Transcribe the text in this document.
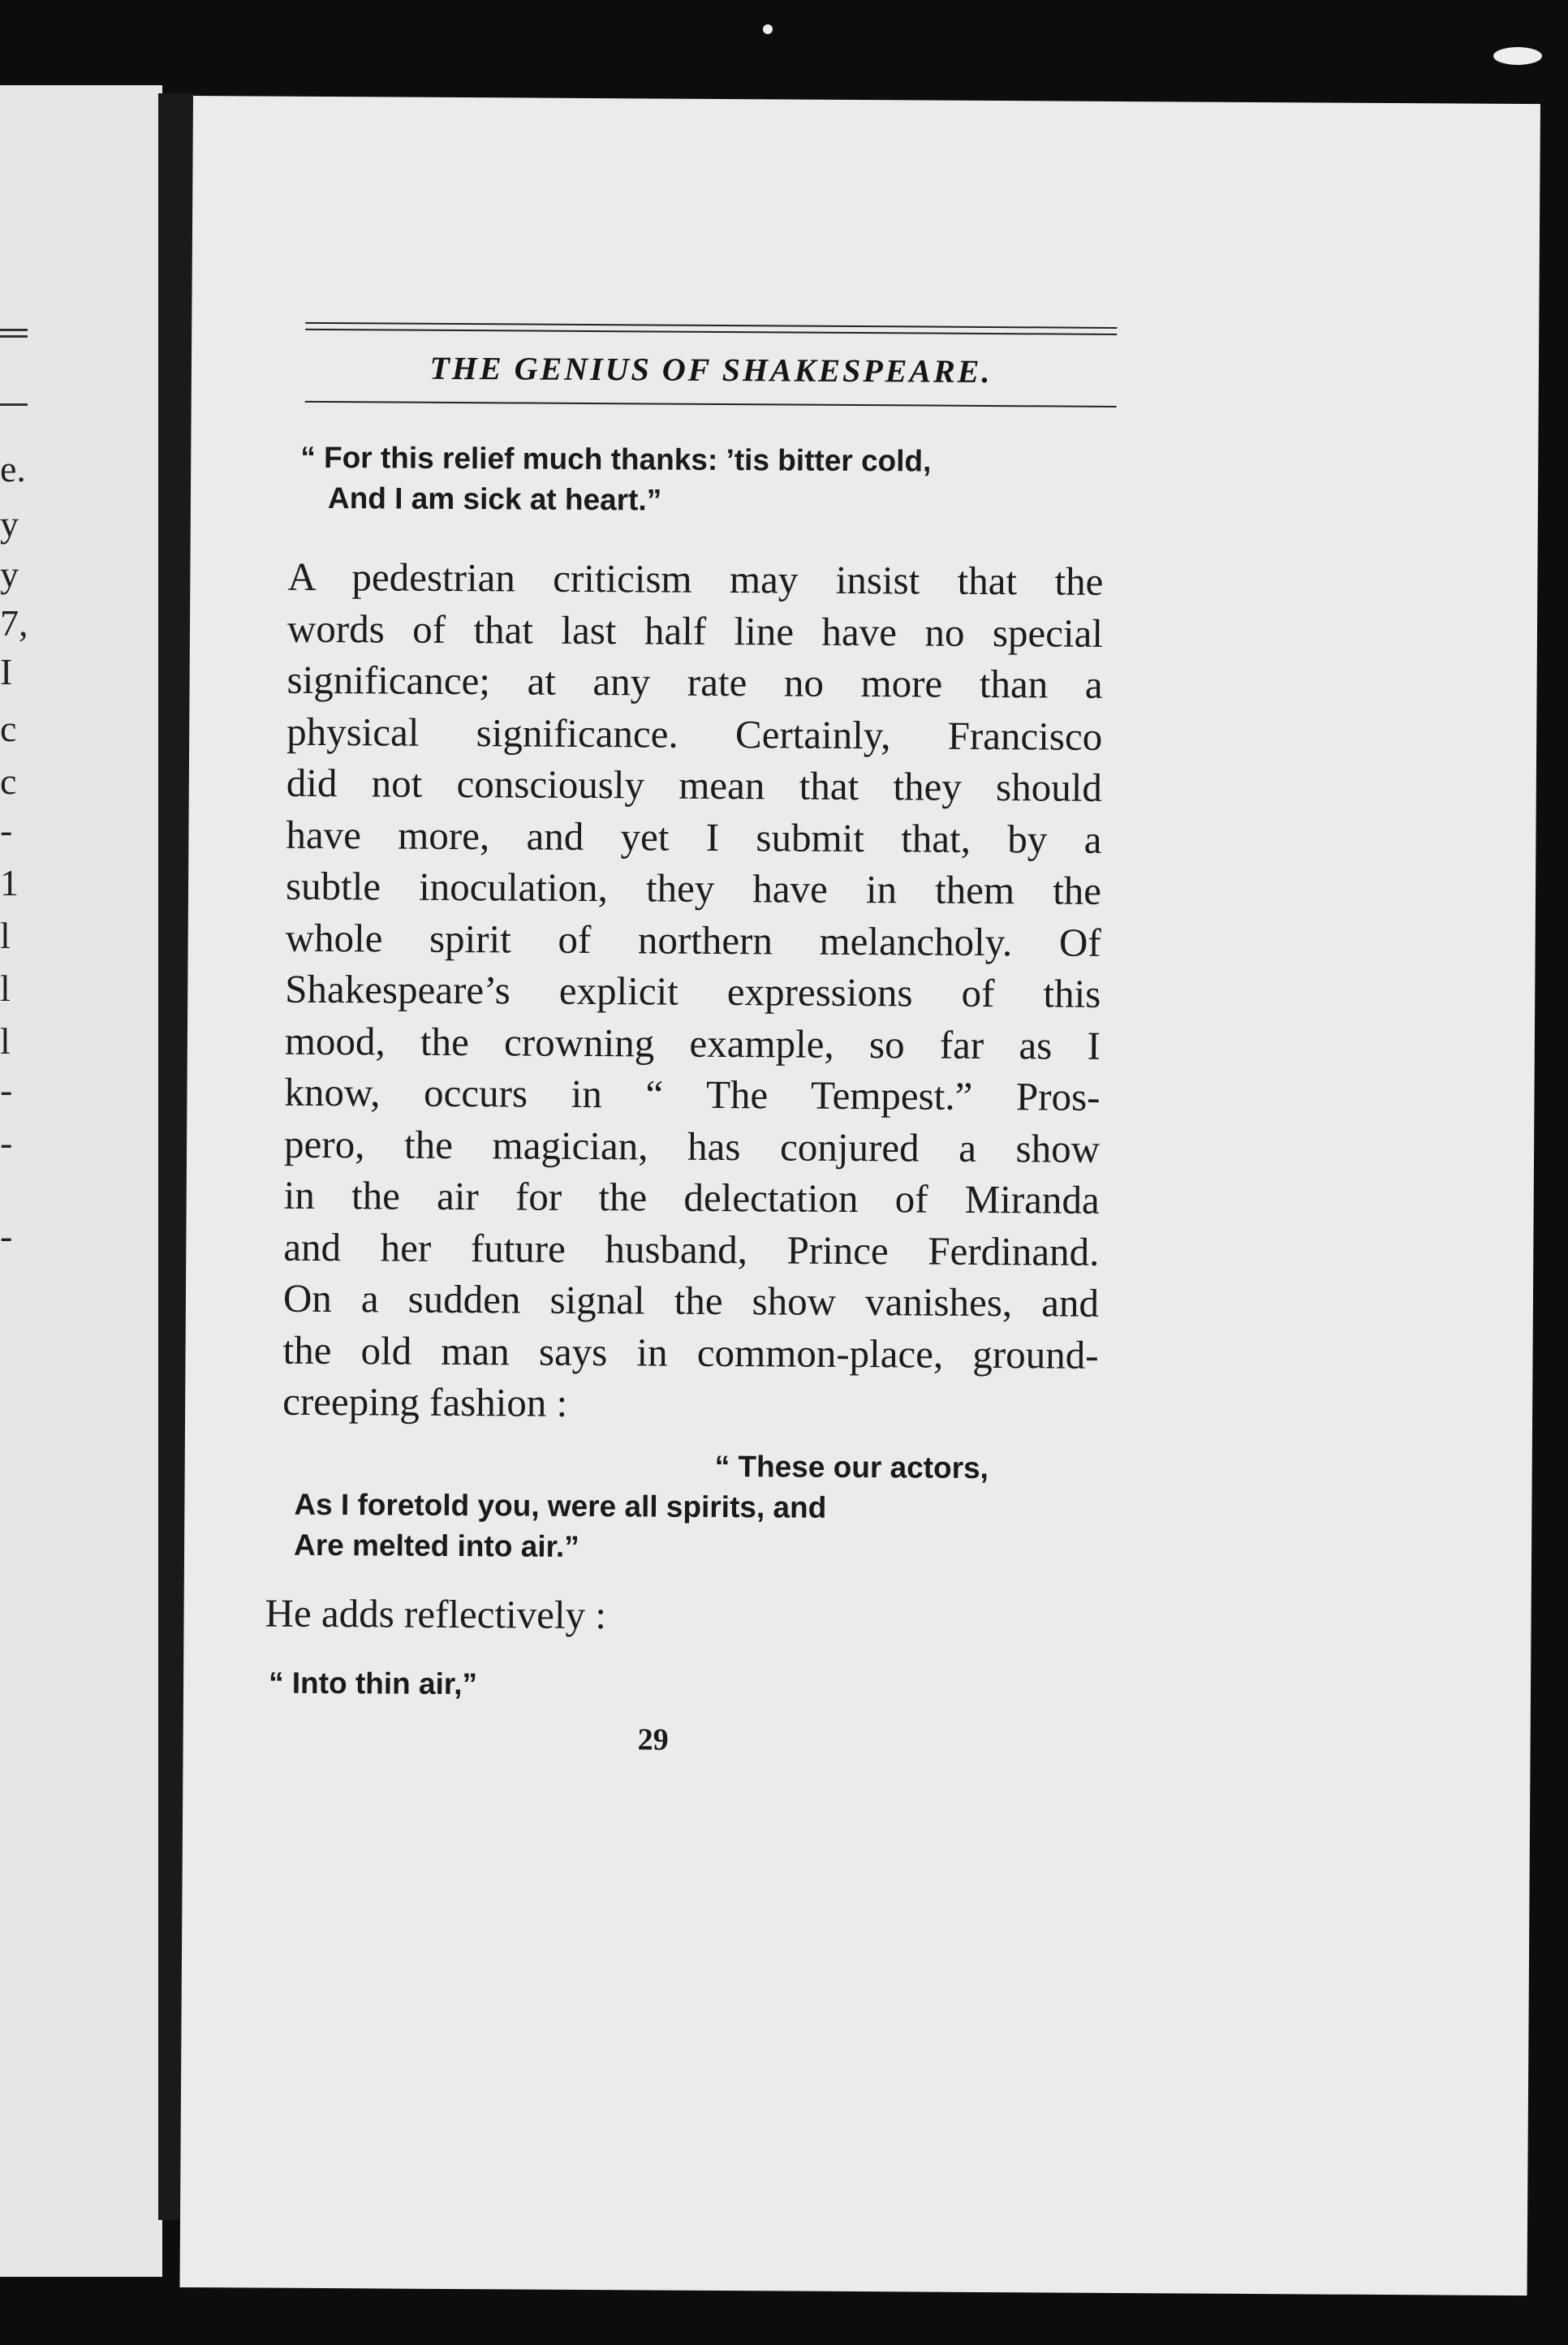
e.
y
y
7,
I
c
c
-
1
l
l
l
-
-
-
THE GENIUS OF SHAKESPEARE.
“ For this relief much thanks: ’tis bitter cold,
And I am sick at heart.”
A pedestrian criticism may insist that the
words of that last half line have no special
significance; at any rate no more than a
physical significance. Certainly, Francisco
did not consciously mean that they should
have more, and yet I submit that, by a
subtle inoculation, they have in them the
whole spirit of northern melancholy. Of
Shakespeare’s explicit expressions of this
mood, the crowning example, so far as I
know, occurs in “ The Tempest.” Pros-
pero, the magician, has conjured a show
in the air for the delectation of Miranda
and her future husband, Prince Ferdinand.
On a sudden signal the show vanishes, and
the old man says in common-place, ground-
creeping fashion :
“ These our actors,
As I foretold you, were all spirits, and
Are melted into air.”
He adds reflectively :
“ Into thin air,”
29
